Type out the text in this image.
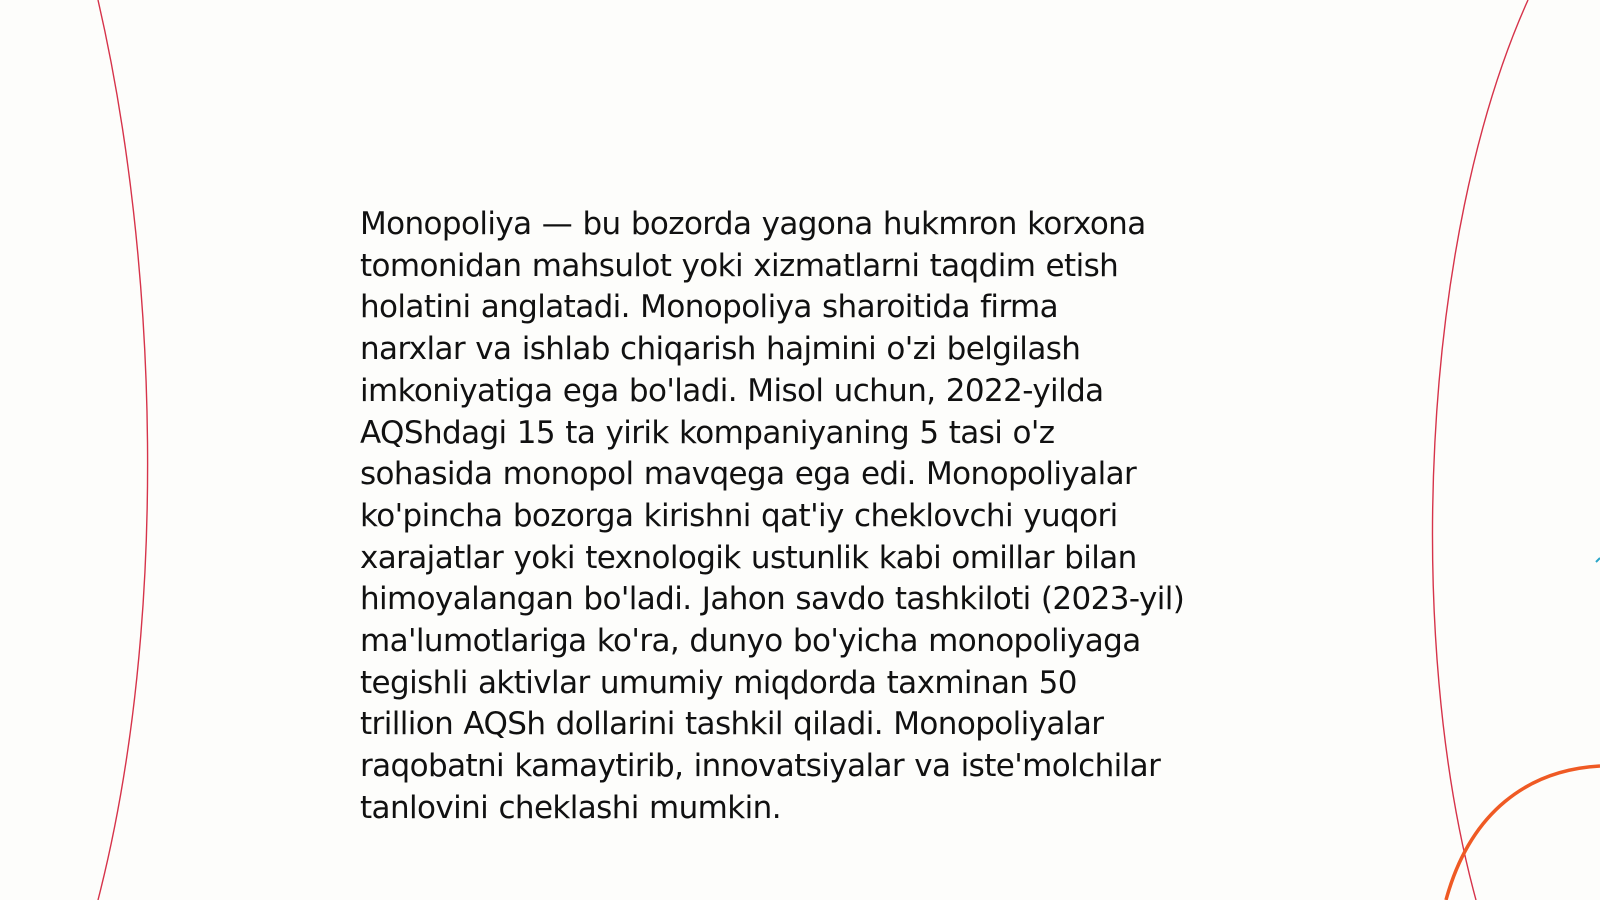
Monopoliya — bu bozorda yagona hukmron korxona
tomonidan mahsulot yoki xizmatlarni taqdim etish
holatini anglatadi. Monopoliya sharoitida firma
narxlar va ishlab chiqarish hajmini o'zi belgilash
imkoniyatiga ega bo'ladi. Misol uchun, 2022-yilda
AQShdagi 15 ta yirik kompaniyaning 5 tasi o'z
sohasida monopol mavqega ega edi. Monopoliyalar
ko'pincha bozorga kirishni qat'iy cheklovchi yuqori
xarajatlar yoki texnologik ustunlik kabi omillar bilan
himoyalangan bo'ladi. Jahon savdo tashkiloti (2023-yil)
ma'lumotlariga ko'ra, dunyo bo'yicha monopoliyaga
tegishli aktivlar umumiy miqdorda taxminan 50
trillion AQSh dollarini tashkil qiladi. Monopoliyalar
raqobatni kamaytirib, innovatsiyalar va iste'molchilar
tanlovini cheklashi mumkin.
